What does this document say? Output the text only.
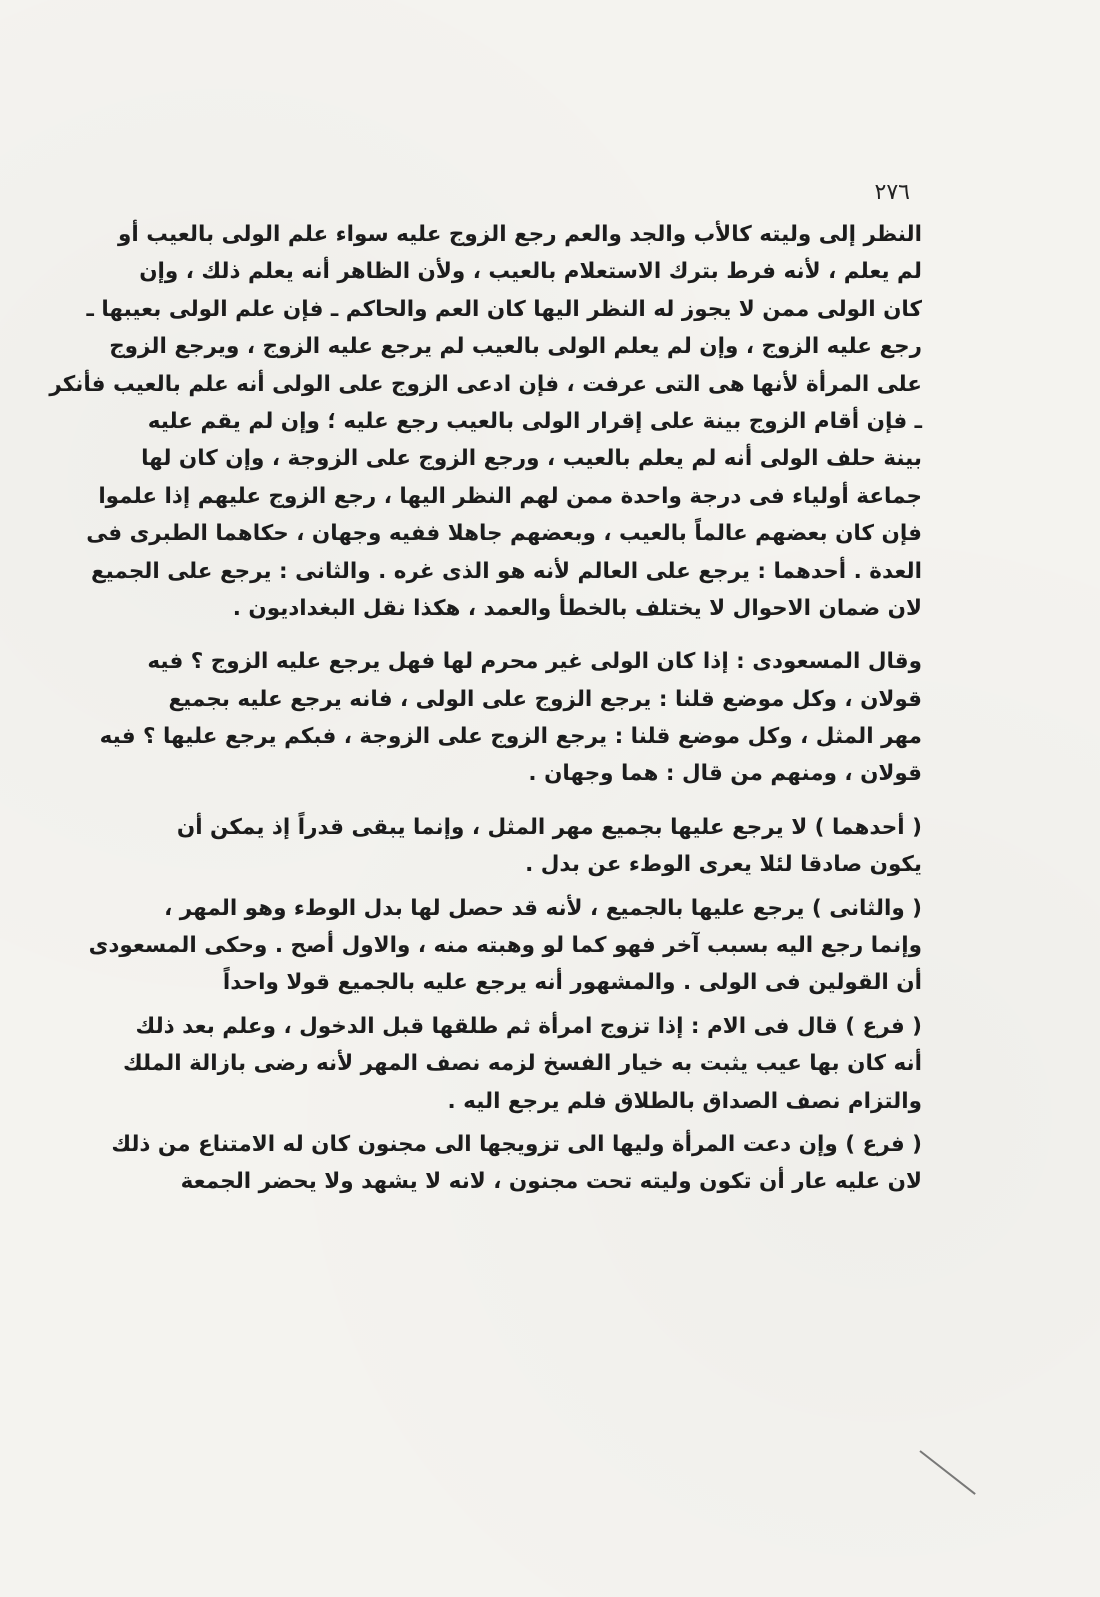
٢٧٦
النظر إلى وليته كالأب والجد والعم رجع الزوج عليه سواء علم الولى بالعيب أو
لم يعلم ، لأنه فرط بترك الاستعلام بالعيب ، ولأن الظاهر أنه يعلم ذلك ، وإن
كان الولى ممن لا يجوز له النظر اليها كان العم والحاكم ـ فإن علم الولى بعيبها ـ
رجع عليه الزوج ، وإن لم يعلم الولى بالعيب لم يرجع عليه الزوج ، ويرجع الزوج
على المرأة لأنها هى التى عرفت ، فإن ادعى الزوج على الولى أنه علم بالعيب فأنكر
ـ فإن أقام الزوج بينة على إقرار الولى بالعيب رجع عليه ؛ وإن لم يقم عليه
بينة حلف الولى أنه لم يعلم بالعيب ، ورجع الزوج على الزوجة ، وإن كان لها
جماعة أولياء فى درجة واحدة ممن لهم النظر اليها ، رجع الزوج عليهم إذا علموا
فإن كان بعضهم عالماً بالعيب ، وبعضهم جاهلا ففيه وجهان ، حكاهما الطبرى فى
العدة . أحدهما : يرجع على العالم لأنه هو الذى غره . والثانى : يرجع على الجميع
لان ضمان الاحوال لا يختلف بالخطأ والعمد ، هكذا نقل البغداديون .
وقال المسعودى : إذا كان الولى غير محرم لها فهل يرجع عليه الزوج ؟ فيه
قولان ، وكل موضع قلنا : يرجع الزوج على الولى ، فانه يرجع عليه بجميع
مهر المثل ، وكل موضع قلنا : يرجع الزوج على الزوجة ، فبكم يرجع عليها ؟ فيه
قولان ، ومنهم من قال : هما وجهان .
( أحدهما ) لا يرجع عليها بجميع مهر المثل ، وإنما يبقى قدراً إذ يمكن أن
يكون صادقا لئلا يعرى الوطء عن بدل .
( والثانى ) يرجع عليها بالجميع ، لأنه قد حصل لها بدل الوطء وهو المهر ،
وإنما رجع اليه بسبب آخر فهو كما لو وهبته منه ، والاول أصح . وحكى المسعودى
أن القولين فى الولى . والمشهور أنه يرجع عليه بالجميع قولا واحداً
( فرع ) قال فى الام : إذا تزوج امرأة ثم طلقها قبل الدخول ، وعلم بعد ذلك
أنه كان بها عيب يثبت به خيار الفسخ لزمه نصف المهر لأنه رضى بازالة الملك
والتزام نصف الصداق بالطلاق فلم يرجع اليه .
( فرع ) وإن دعت المرأة وليها الى تزويجها الى مجنون كان له الامتناع من ذلك
لان عليه عار أن تكون وليته تحت مجنون ، لانه لا يشهد ولا يحضر الجمعة
